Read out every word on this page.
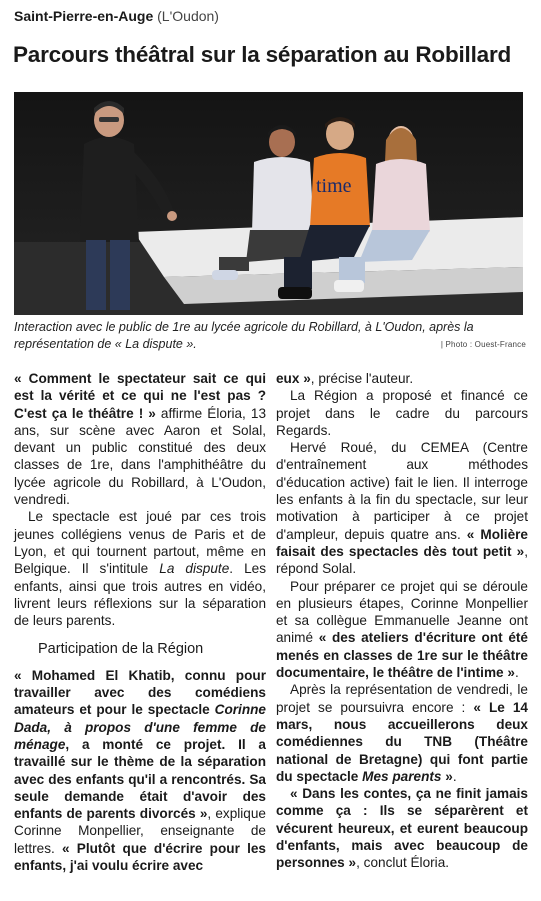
Saint-Pierre-en-Auge (L'Oudon)
Parcours théâtral sur la séparation au Robillard
time

Interaction avec le public de 1re au lycée agricole du Robillard, à L'Oudon, après la représentation de « La dispute ».	| Photo : Ouest-France

« Comment le spectateur sait ce qui est la vérité et ce qui ne l'est pas ? C'est ça le théâtre ! » affirme Éloria, 13 ans, sur scène avec Aaron et Solal, devant un public constitué des deux classes de 1re, dans l'amphithéâtre du lycée agricole du Robillard, à L'Oudon, vendredi.

Le spectacle est joué par ces trois jeunes collégiens venus de Paris et de Lyon, et qui tournent partout, même en Belgique. Il s'intitule La dispute. Les enfants, ainsi que trois autres en vidéo, livrent leurs réflexions sur la séparation de leurs parents.

Participation de la Région

« Mohamed El Khatib, connu pour travailler avec des comédiens amateurs et pour le spectacle Corinne Dada, à propos d'une femme de ménage, a monté ce projet. Il a travaillé sur le thème de la séparation avec des enfants qu'il a rencontrés. Sa seule demande était d'avoir des enfants de parents divorcés », explique Corinne Monpellier, enseignante de lettres. « Plutôt que d'écrire pour les enfants, j'ai voulu écrire avec

eux », précise l'auteur.

La Région a proposé et financé ce projet dans le cadre du parcours Regards.

Hervé Roué, du CEMEA (Centre d'entraînement aux méthodes d'éducation active) fait le lien. Il interroge les enfants à la fin du spectacle, sur leur motivation à participer à ce projet d'ampleur, depuis quatre ans. « Molière faisait des spectacles dès tout petit », répond Solal.

Pour préparer ce projet qui se déroule en plusieurs étapes, Corinne Monpellier et sa collègue Emmanuelle Jeanne ont animé « des ateliers d'écriture ont été menés en classes de 1re sur le théâtre documentaire, le théâtre de l'intime ».

Après la représentation de vendredi, le projet se poursuivra encore : « Le 14 mars, nous accueillerons deux comédiennes du TNB (Théâtre national de Bretagne) qui font partie du spectacle Mes parents ».

« Dans les contes, ça ne finit jamais comme ça : Ils se séparèrent et vécurent heureux, et eurent beaucoup d'enfants, mais avec beaucoup de personnes », conclut Éloria.
